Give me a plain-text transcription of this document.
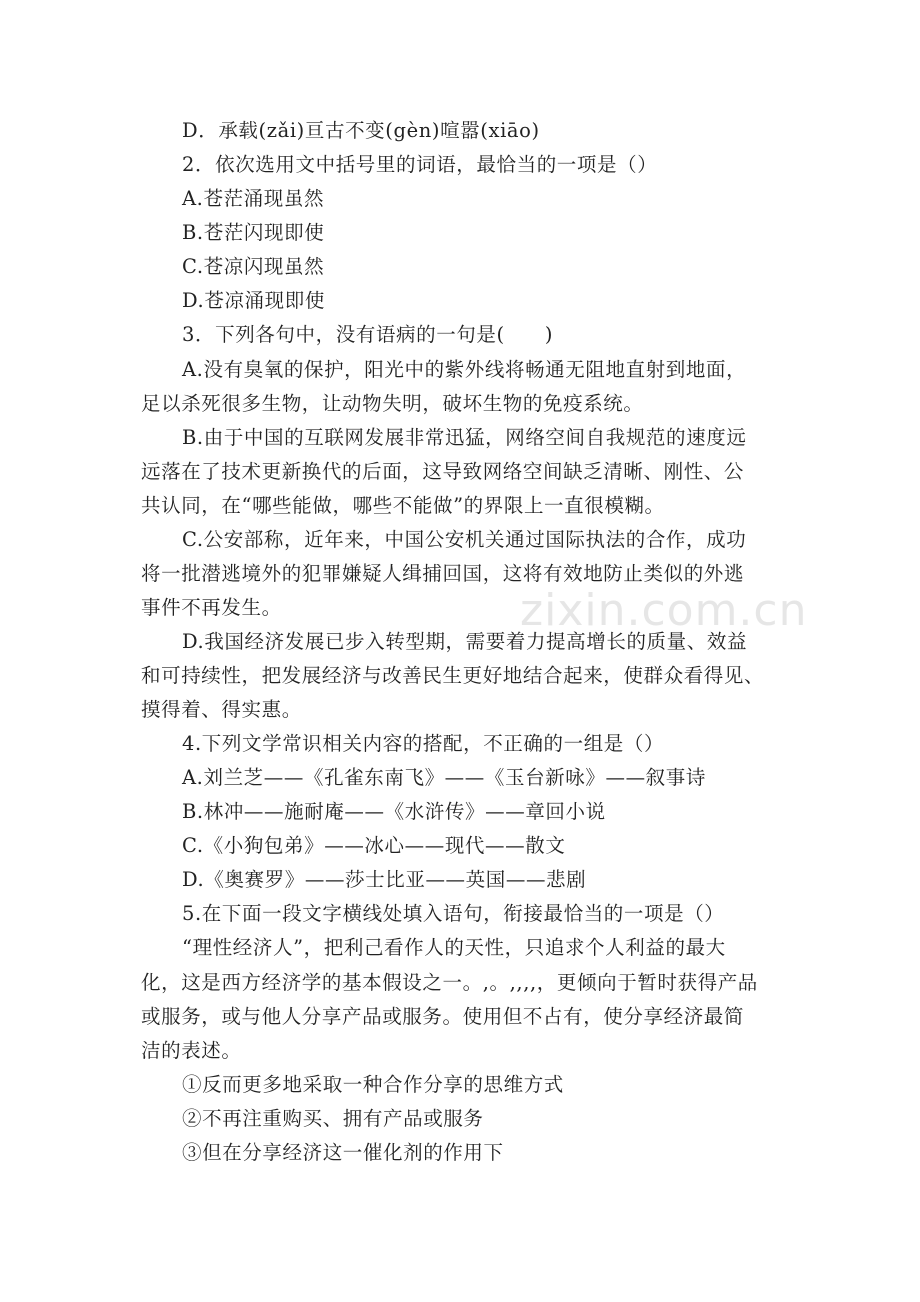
zixin.com.cn
D．承载(zǎi)亘古不变(gèn)喧嚣(xiāo)
2．依次选用文中括号里的词语，最恰当的一项是（）
A.苍茫涌现虽然
B.苍茫闪现即使
C.苍凉闪现虽然
D.苍凉涌现即使
3．下列各句中，没有语病的一句是(　　)
A.没有臭氧的保护，阳光中的紫外线将畅通无阻地直射到地面，
足以杀死很多生物，让动物失明，破坏生物的免疫系统。
B.由于中国的互联网发展非常迅猛，网络空间自我规范的速度远
远落在了技术更新换代的后面，这导致网络空间缺乏清晰、刚性、公
共认同，在“哪些能做，哪些不能做”的界限上一直很模糊。
C.公安部称，近年来，中国公安机关通过国际执法的合作，成功
将一批潜逃境外的犯罪嫌疑人缉捕回国，这将有效地防止类似的外逃
事件不再发生。
D.我国经济发展已步入转型期，需要着力提高增长的质量、效益
和可持续性，把发展经济与改善民生更好地结合起来，使群众看得见、
摸得着、得实惠。
4.下列文学常识相关内容的搭配，不正确的一组是（）
A.刘兰芝——《孔雀东南飞》——《玉台新咏》——叙事诗
B.林冲——施耐庵——《水浒传》——章回小说
C.《小狗包弟》——冰心——现代——散文
D.《奥赛罗》——莎士比亚——英国——悲剧
5.在下面一段文字横线处填入语句，衔接最恰当的一项是（）
“理性经济人”，把利己看作人的天性，只追求个人利益的最大
化，这是西方经济学的基本假设之一。,。,,,,，更倾向于暂时获得产品
或服务，或与他人分享产品或服务。使用但不占有，使分享经济最简
洁的表述。
①反而更多地采取一种合作分享的思维方式
②不再注重购买、拥有产品或服务
③但在分享经济这一催化剂的作用下
